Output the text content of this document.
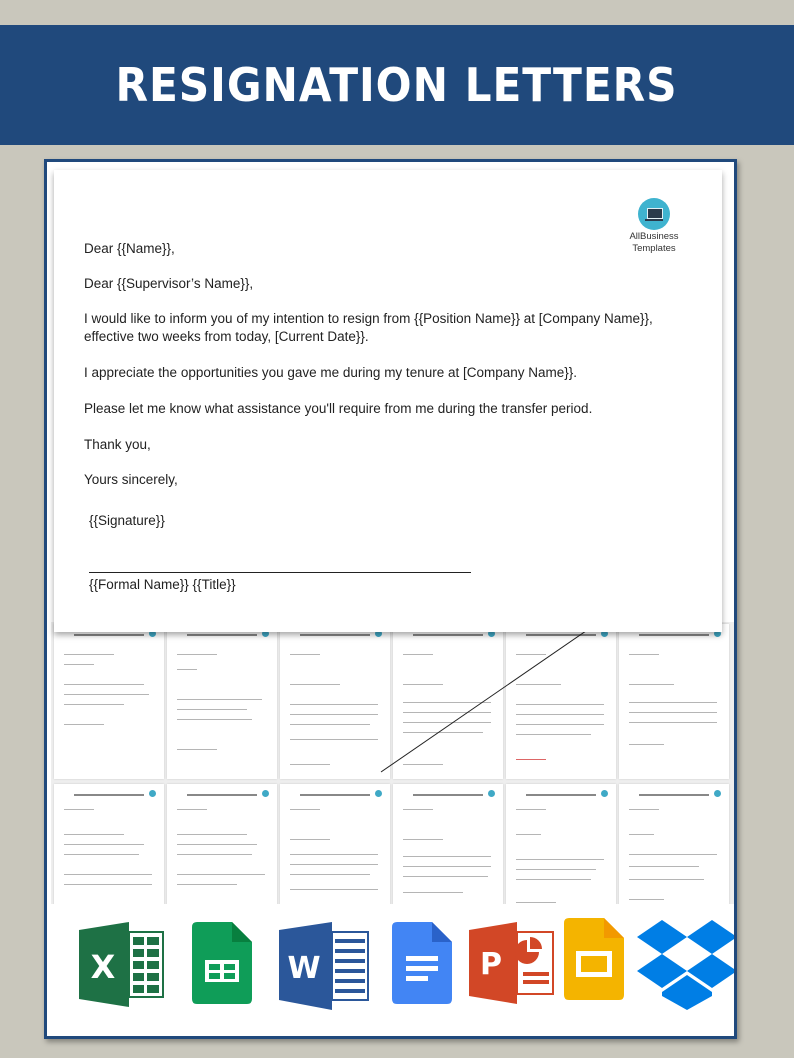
RESIGNATION LETTERS
AllBusiness
Templates

Dear {{Name}},

Dear {{Supervisor’s Name}},

I would like to inform you of my intention to resign from {{Position Name}} at [Company Name}},

effective two weeks from today, [Current Date}}.

I appreciate the opportunities you gave me during my tenure at [Company Name}}.

Please let me know what assistance you'll require from me during the transfer period.

Thank you,

Yours sincerely,

{{Signature}}

{{Formal Name}} {{Title}}

X	W	P
